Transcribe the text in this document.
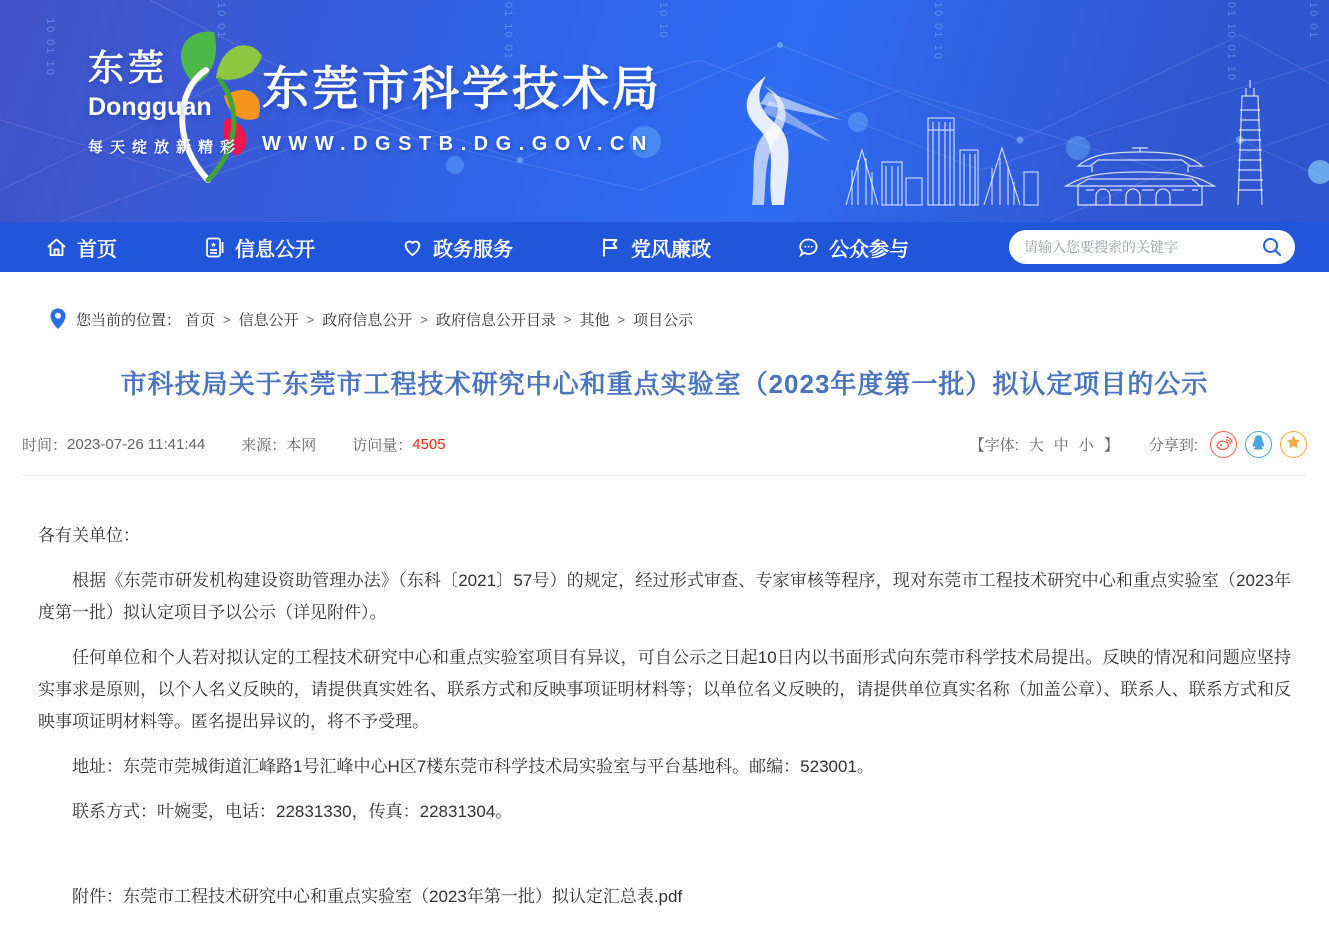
10 01 10	10 01	01 10 01	10 10	10 01 10	01 10 01 10	10 01
东莞
Dongguan
每天绽放新精彩
东莞市科学技术局
WWW.DGSTB.DG.GOV.CN
首页	信息公开	政务服务	党风廉政	公众参与
请输入您要搜索的关键字
您当前的位置： 首页 > 信息公开 > 政府信息公开 > 政府信息公开目录 > 其他 > 项目公示
市科技局关于东莞市工程技术研究中心和重点实验室（2023年度第一批）拟认定项目的公示
时间： 2023-07-26 11:41:44 来源： 本网 访问量： 4505	【字体: 大 中 小 】 分享到:

各有关单位：

根据《东莞市研发机构建设资助管理办法》（东科〔2021〕57号）的规定，经过形式审查、专家审核等程序，现对东莞市工程技术研究中心和重点实验室（2023年度第一批）拟认定项目予以公示（详见附件）。

任何单位和个人若对拟认定的工程技术研究中心和重点实验室项目有异议，可自公示之日起10日内以书面形式向东莞市科学技术局提出。反映的情况和问题应坚持实事求是原则，以个人名义反映的，请提供真实姓名、联系方式和反映事项证明材料等；以单位名义反映的，请提供单位真实名称（加盖公章）、联系人、联系方式和反映事项证明材料等。匿名提出异议的，将不予受理。

地址：东莞市莞城街道汇峰路1号汇峰中心H区7楼东莞市科学技术局实验室与平台基地科。邮编：523001。

联系方式：叶婉雯，电话：22831330，传真：22831304。

附件：东莞市工程技术研究中心和重点实验室（2023年第一批）拟认定汇总表.pdf
